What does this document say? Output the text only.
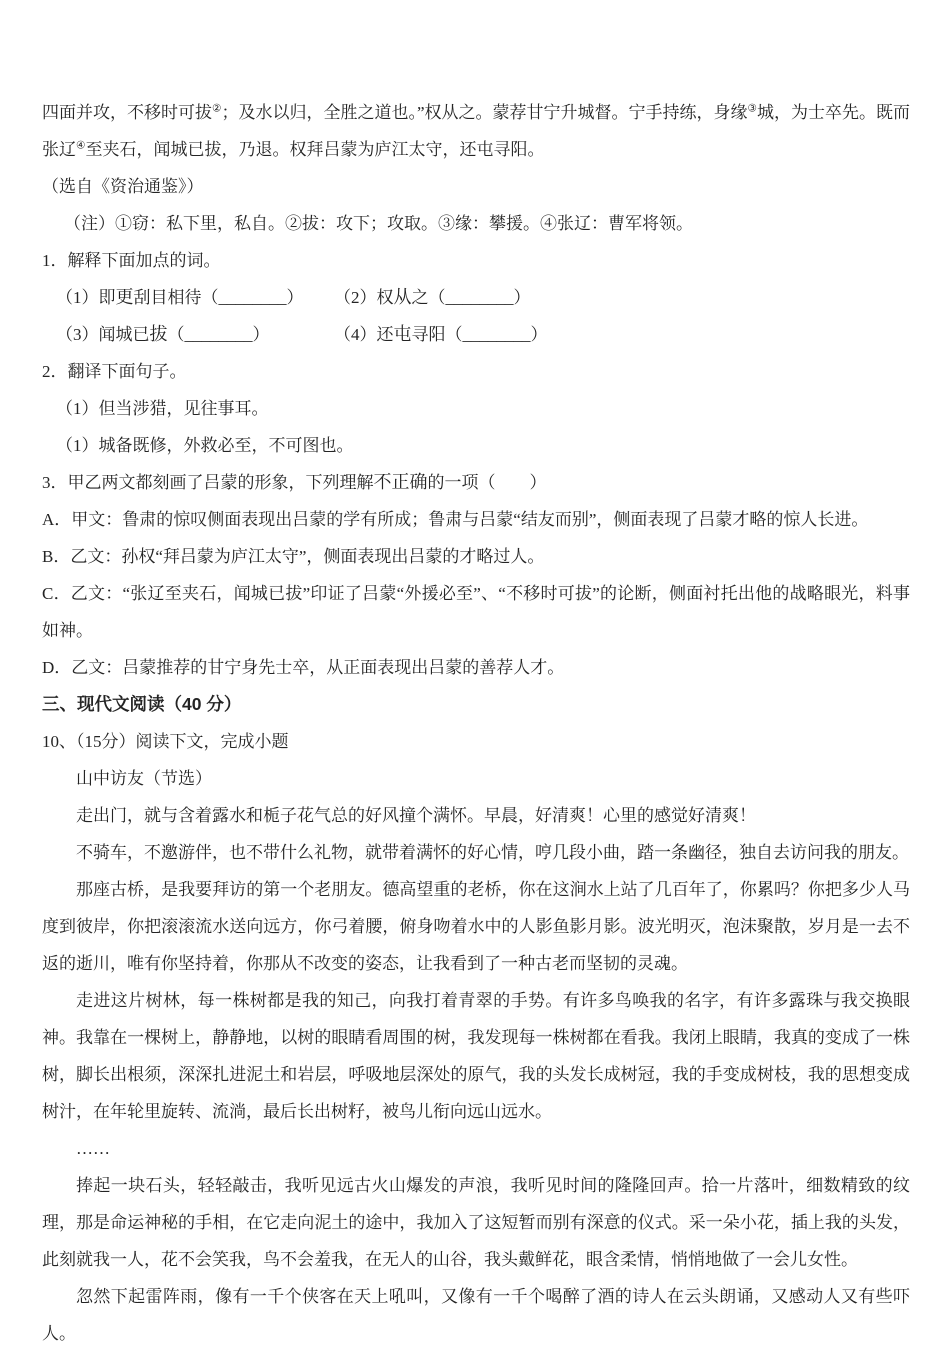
四面并攻，不移时可拔②；及水以归，全胜之道也。”权从之。蒙荐甘宁升城督。宁手持练，身缘③城，为士卒先。既而张辽④至夹石，闻城已拔，乃退。权拜吕蒙为庐江太守，还屯寻阳。

（选自《资治通鉴》）

（注）①窃：私下里，私自。②拔：攻下；攻取。③缘：攀援。④张辽：曹军将领。

1．解释下面加点的词。

（1）即更刮目相待（________）	（2）权从之（________）
（3）闻城已拔（________）	（4）还屯寻阳（________）

2．翻译下面句子。

（1）但当涉猎，见往事耳。

（1）城备既修，外救必至，不可图也。

3．甲乙两文都刻画了吕蒙的形象，下列理解不正确的一项（　　）

A．甲文：鲁肃的惊叹侧面表现出吕蒙的学有所成；鲁肃与吕蒙“结友而别”，侧面表现了吕蒙才略的惊人长进。

B．乙文：孙权“拜吕蒙为庐江太守”，侧面表现出吕蒙的才略过人。

C．乙文：“张辽至夹石，闻城已拔”印证了吕蒙“外援必至”、“不移时可拔”的论断，侧面衬托出他的战略眼光，料事如神。

D．乙文：吕蒙推荐的甘宁身先士卒，从正面表现出吕蒙的善荐人才。

三、现代文阅读（40 分）

10、（15分）阅读下文，完成小题

山中访友（节选）

走出门，就与含着露水和栀子花气总的好风撞个满怀。早晨，好清爽！心里的感觉好清爽！

不骑车，不邀游伴，也不带什么礼物，就带着满怀的好心情，哼几段小曲，踏一条幽径，独自去访问我的朋友。

那座古桥，是我要拜访的第一个老朋友。德高望重的老桥，你在这涧水上站了几百年了，你累吗？你把多少人马度到彼岸，你把滚滚流水送向远方，你弓着腰，俯身吻着水中的人影鱼影月影。波光明灭，泡沫聚散，岁月是一去不返的逝川，唯有你坚持着，你那从不改变的姿态，让我看到了一种古老而坚韧的灵魂。

走进这片树林，每一株树都是我的知己，向我打着青翠的手势。有许多鸟唤我的名字，有许多露珠与我交换眼神。我靠在一棵树上，静静地，以树的眼睛看周围的树，我发现每一株树都在看我。我闭上眼睛，我真的变成了一株树，脚长出根须，深深扎进泥土和岩层，呼吸地层深处的原气，我的头发长成树冠，我的手变成树枝，我的思想变成树汁，在年轮里旋转、流淌，最后长出树籽，被鸟儿衔向远山远水。

……

捧起一块石头，轻轻敲击，我听见远古火山爆发的声浪，我听见时间的隆隆回声。拾一片落叶，细数精致的纹理，那是命运神秘的手相，在它走向泥土的途中，我加入了这短暂而别有深意的仪式。采一朵小花，插上我的头发，此刻就我一人，花不会笑我，鸟不会羞我，在无人的山谷，我头戴鲜花，眼含柔情，悄悄地做了一会儿女性。

忽然下起雷阵雨，像有一千个侠客在天上吼叫，又像有一千个喝醉了酒的诗人在云头朗诵，又感动人又有些吓人。
